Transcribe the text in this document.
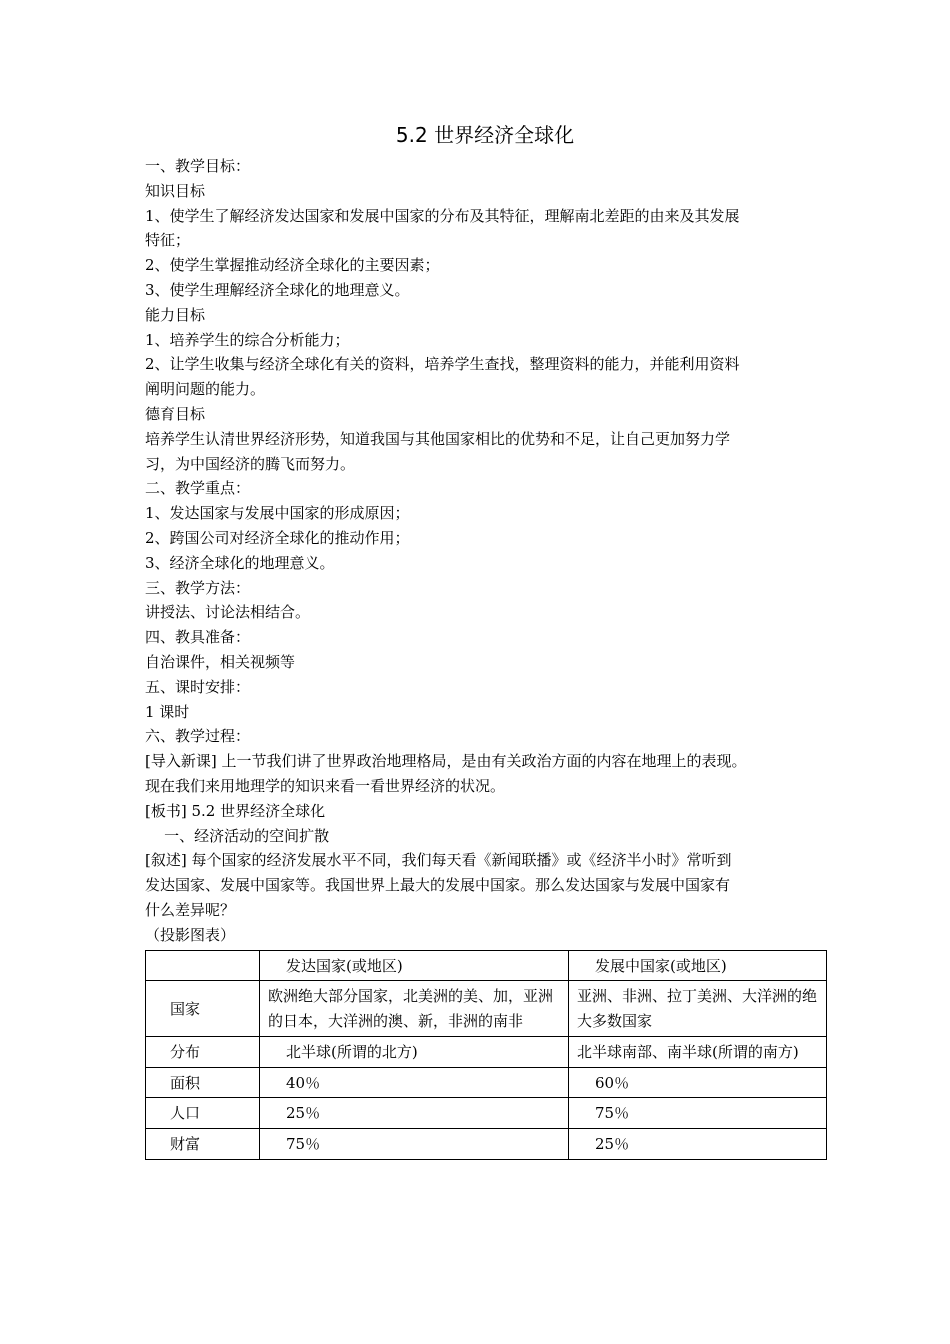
5.2 世界经济全球化
一、教学目标：
知识目标
1、使学生了解经济发达国家和发展中国家的分布及其特征，理解南北差距的由来及其发展
特征；
2、使学生掌握推动经济全球化的主要因素；
3、使学生理解经济全球化的地理意义。
能力目标
1、培养学生的综合分析能力；
2、让学生收集与经济全球化有关的资料，培养学生查找，整理资料的能力，并能利用资料
阐明问题的能力。
德育目标
培养学生认清世界经济形势，知道我国与其他国家相比的优势和不足，让自己更加努力学
习，为中国经济的腾飞而努力。
二、教学重点：
1、发达国家与发展中国家的形成原因；
2、跨国公司对经济全球化的推动作用；
3、经济全球化的地理意义。
三、教学方法：
讲授法、讨论法相结合。
四、教具准备：
自治课件，相关视频等
五、课时安排：
1 课时
六、教学过程：
[导入新课] 上一节我们讲了世界政治地理格局，是由有关政治方面的内容在地理上的表现。
现在我们来用地理学的知识来看一看世界经济的状况。
[板书] 5.2 世界经济全球化
一、经济活动的空间扩散
[叙述] 每个国家的经济发展水平不同，我们每天看《新闻联播》或《经济半小时》常听到
发达国家、发展中国家等。我国世界上最大的发展中国家。那么发达国家与发展中国家有
什么差异呢？
（投影图表）
	发达国家(或地区)	发展中国家(或地区)
国家	欧洲绝大部分国家，北美洲的美、加，亚洲的日本，大洋洲的澳、新，非洲的南非	亚洲、非洲、拉丁美洲、大洋洲的绝大多数国家
分布	北半球(所谓的北方)	北半球南部、南半球(所谓的南方)
面积	40％	60％
人口	25％	75％
财富	75％	25％
